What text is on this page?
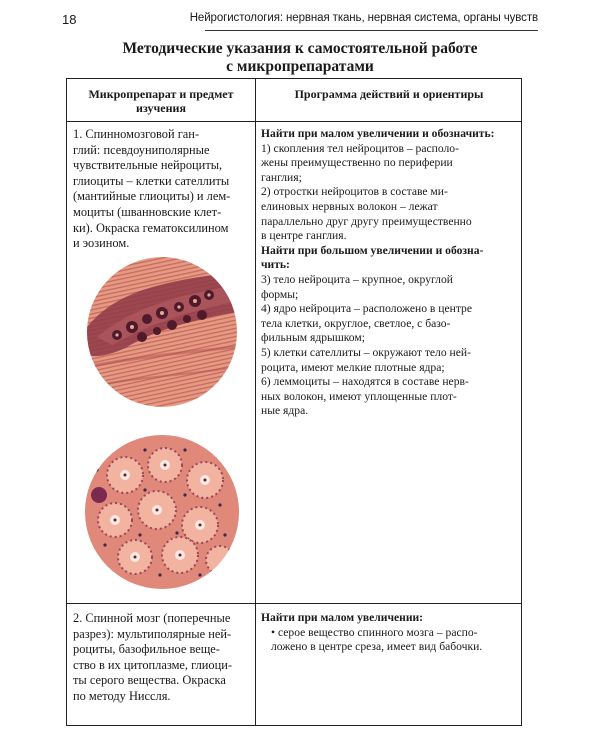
18	Нейрогистология: нервная ткань, нервная система, органы чувств
Методические указания к самостоятельной работе
с микропрепаратами
Микропрепарат и предмет
изучения
Программа действий и ориентиры
1. Спинномозговой ган-
глий: псевдоуниполярные
чувствительные нейроциты,
глиоциты – клетки сателлиты
(мантийные глиоциты) и лем-
моциты (шванновские клет-
ки). Окраска гематоксилином
и эозином.

Найти при малом увеличении и обозначить:

1) скопления тел нейроцитов – располо-

жены преимущественно по периферии

ганглия;

2) отростки нейроцитов в составе ми-

елиновых нервных волокон – лежат

параллельно друг другу преимущественно

в центре ганглия.

Найти при большом увеличении и обозна-

чить:

3) тело нейроцита – крупное, округлой

формы;

4) ядро нейроцита – расположено в центре

тела клетки, округлое, светлое, с базо-

фильным ядрышком;

5) клетки сателлиты – окружают тело ней-

роцита, имеют мелкие плотные ядра;

6) леммоциты – находятся в составе нерв-

ных волокон, имеют уплощенные плот-

ные ядра.

2. Спинной мозг (поперечные
разрез): мультиполярные ней-
роциты, базофильное веще-
ство в их цитоплазме, глиоци-
ты серого вещества. Окраска
по методу Ниссля.

Найти при малом увеличении:

• серое вещество спинного мозга – распо-
ложено в центре среза, имеет вид бабочки.
